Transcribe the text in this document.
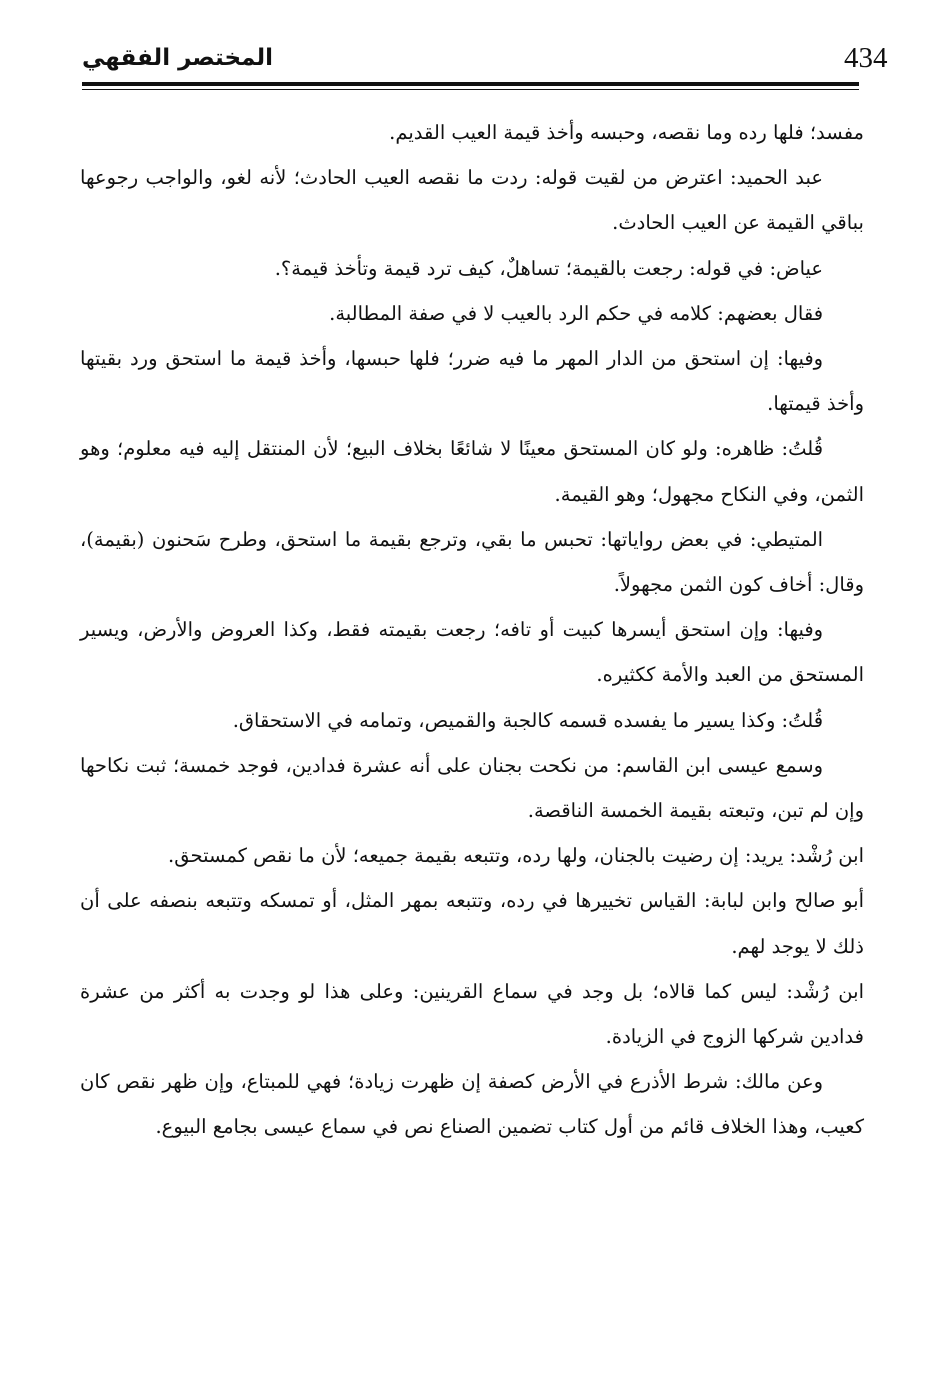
434
المختصر الفقهي

مفسد؛ فلها رده وما نقصه، وحبسه وأخذ قيمة العيب القديم.

عبد الحميد: اعترض من لقيت قوله: ردت ما نقصه العيب الحادث؛ لأنه لغو، والواجب رجوعها بباقي القيمة عن العيب الحادث.

عياض: في قوله: رجعت بالقيمة؛ تساهلٌ، كيف ترد قيمة وتأخذ قيمة؟.

فقال بعضهم: كلامه في حكم الرد بالعيب لا في صفة المطالبة.

وفيها: إن استحق من الدار المهر ما فيه ضرر؛ فلها حبسها، وأخذ قيمة ما استحق ورد بقيتها وأخذ قيمتها.

قُلتُ: ظاهره: ولو كان المستحق معينًا لا شائعًا بخلاف البيع؛ لأن المنتقل إليه فيه معلوم؛ وهو الثمن، وفي النكاح مجهول؛ وهو القيمة.

المتيطي: في بعض رواياتها: تحبس ما بقي، وترجع بقيمة ما استحق، وطرح سَحنون (بقيمة)، وقال: أخاف كون الثمن مجهولاً.

وفيها: وإن استحق أيسرها كبيت أو تافه؛ رجعت بقيمته فقط، وكذا العروض والأرض، ويسير المستحق من العبد والأمة ككثيره.

قُلتُ: وكذا يسير ما يفسده قسمه كالجبة والقميص، وتمامه في الاستحقاق.

وسمع عيسى ابن القاسم: من نكحت بجنان على أنه عشرة فدادين، فوجد خمسة؛ ثبت نكاحها وإن لم تبن، وتبعته بقيمة الخمسة الناقصة.

ابن رُشْد: يريد: إن رضيت بالجنان، ولها رده، وتتبعه بقيمة جميعه؛ لأن ما نقص كمستحق.

أبو صالح وابن لبابة: القياس تخييرها في رده، وتتبعه بمهر المثل، أو تمسكه وتتبعه بنصفه على أن ذلك لا يوجد لهم.

ابن رُشْد: ليس كما قالاه؛ بل وجد في سماع القرينين: وعلى هذا لو وجدت به أكثر من عشرة فدادين شركها الزوج في الزيادة.

وعن مالك: شرط الأذرع في الأرض كصفة إن ظهرت زيادة؛ فهي للمبتاع، وإن ظهر نقص كان كعيب، وهذا الخلاف قائم من أول كتاب تضمين الصناع نص في سماع عيسى بجامع البيوع.
